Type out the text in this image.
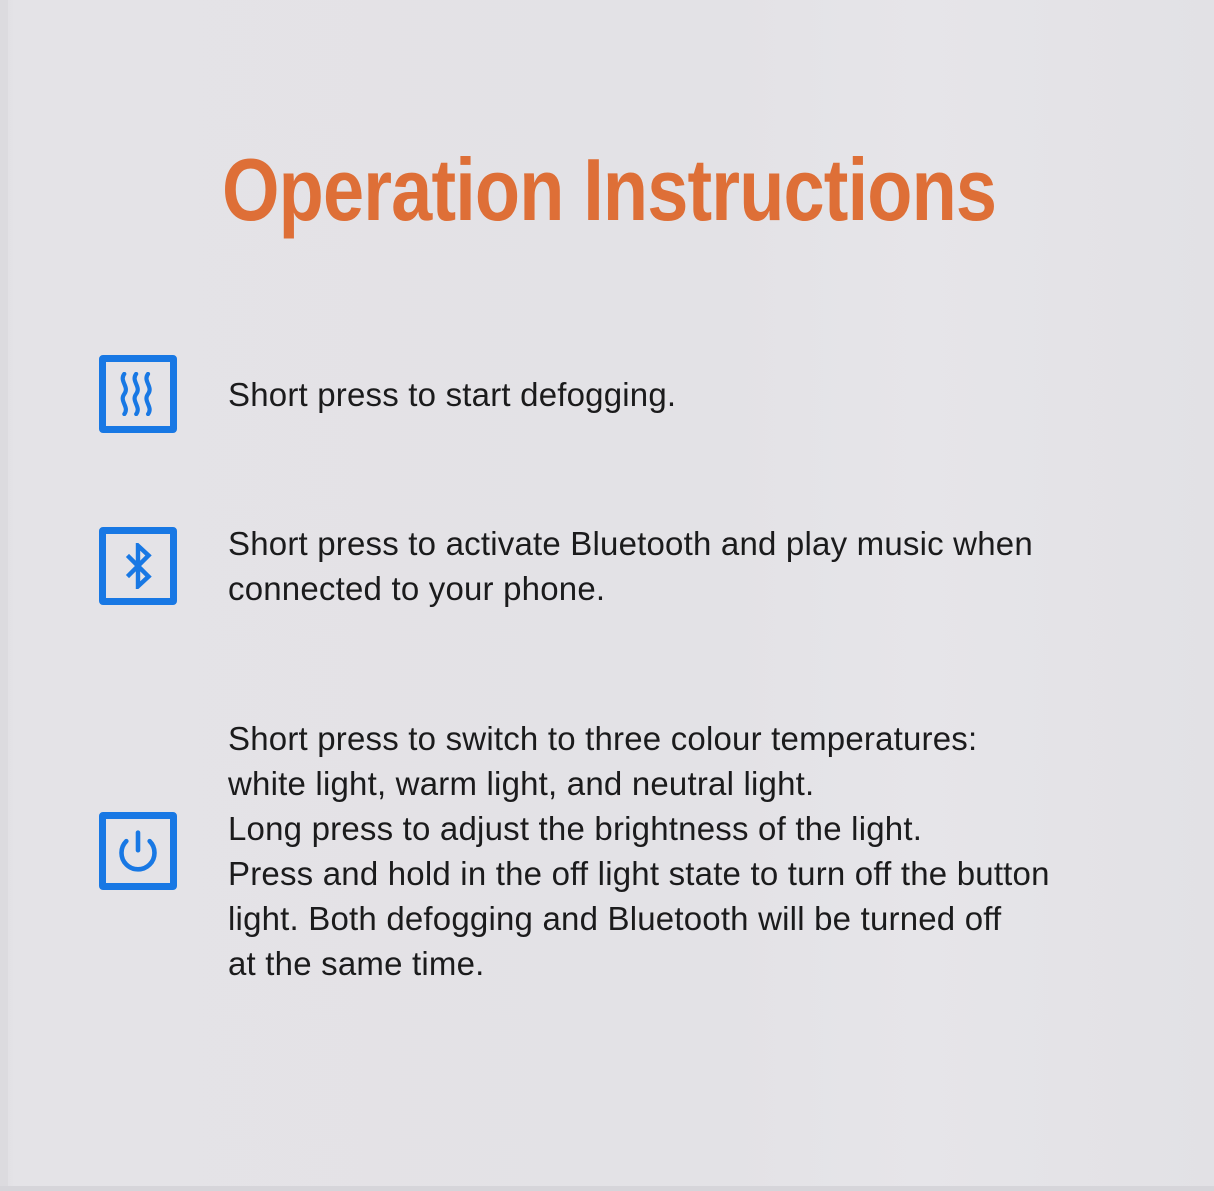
Operation Instructions
Short press to start defogging.
Short press to activate Bluetooth and play music when
connected to your phone.
Short press to switch to three colour temperatures:
white light, warm light, and neutral light.
Long press to adjust the brightness of the light.
Press and hold in the off light state to turn off the button
light. Both defogging and Bluetooth will be turned off
at the same time.
